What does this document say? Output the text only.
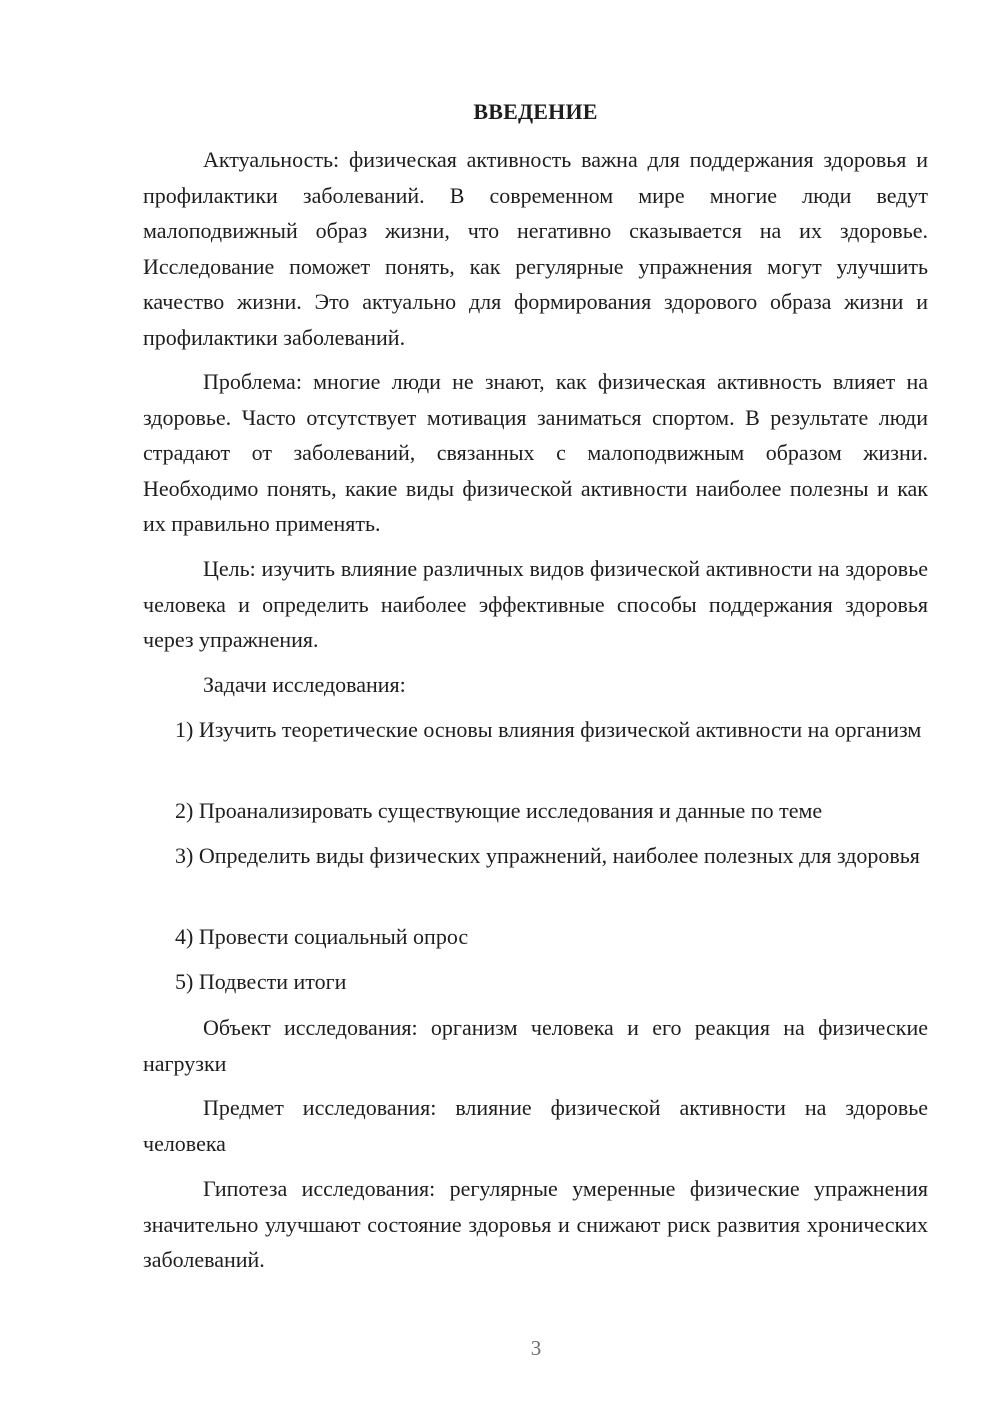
ВВЕДЕНИЕ

Актуальность: физическая активность важна для поддержания здоровья и профилактики заболеваний. В современном мире многие люди ведут малоподвижный образ жизни, что негативно сказывается на их здоровье. Исследование поможет понять, как регулярные упражнения могут улучшить качество жизни. Это актуально для формирования здорового образа жизни и профилактики заболеваний.

Проблема: многие люди не знают, как физическая активность влияет на здоровье. Часто отсутствует мотивация заниматься спортом. В результате люди страдают от заболеваний, связанных с малоподвижным образом жизни. Необходимо понять, какие виды физической активности наиболее полезны и как их правильно применять.

Цель: изучить влияние различных видов физической активности на здоровье человека и определить наиболее эффективные способы поддержания здоровья через упражнения.

Задачи исследования:

1) Изучить теоретические основы влияния физической активности на организм

2) Проанализировать существующие исследования и данные по теме

3) Определить виды физических упражнений, наиболее полезных для здоровья

4) Провести социальный опрос

5) Подвести итоги

Объект исследования: организм человека и его реакция на физические нагрузки

Предмет исследования: влияние физической активности на здоровье человека

Гипотеза исследования: регулярные умеренные физические упражнения значительно улучшают состояние здоровья и снижают риск развития хронических заболеваний.

3
